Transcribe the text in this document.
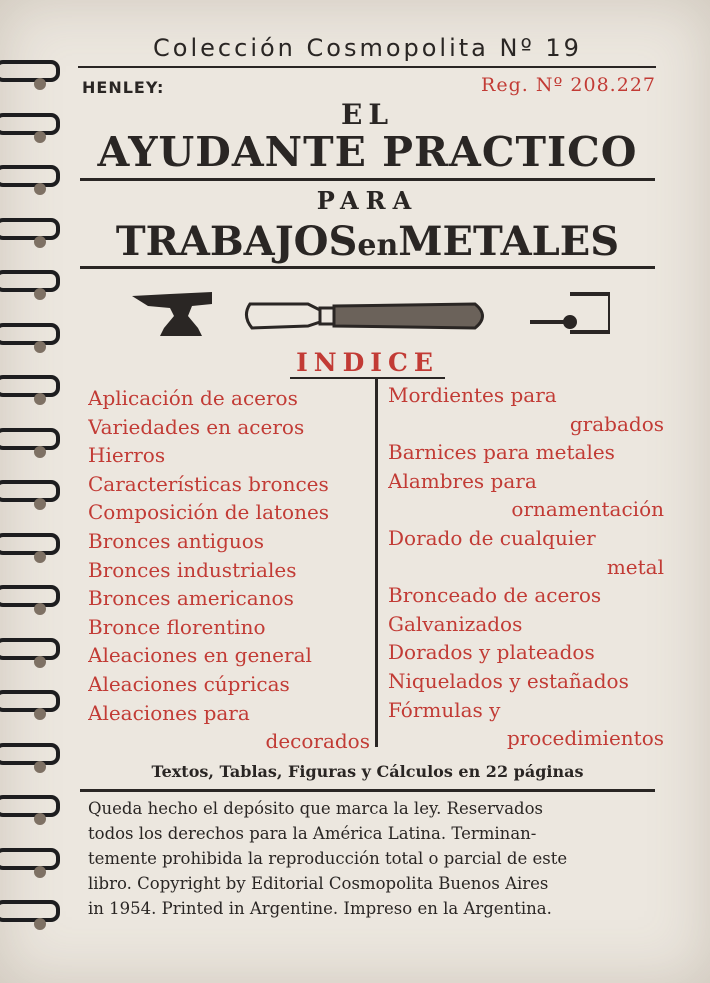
Colección Cosmopolita Nº 19
HENLEY:	Reg. Nº 208.227
EL
AYUDANTE PRACTICO
PARA
TRABAJOSenMETALES
INDICE
Aplicación de aceros
Variedades en aceros
Hierros
Características bronces
Composición de latones
Bronces antiguos
Bronces industriales
Bronces americanos
Bronce florentino
Aleaciones en general
Aleaciones cúpricas
Aleaciones para
decorados
Mordientes para
grabados
Barnices para metales
Alambres para
ornamentación
Dorado de cualquier
metal
Bronceado de aceros
Galvanizados
Dorados y plateados
Niquelados y estañados
Fórmulas y
procedimientos
Textos, Tablas, Figuras y Cálculos en 22 páginas
Queda hecho el depósito que marca la ley. Reservados
todos los derechos para la América Latina. Terminan-
temente prohibida la reproducción total o parcial de este
libro. Copyright by Editorial Cosmopolita Buenos Aires
in 1954. Printed in Argentine. Impreso en la Argentina.
